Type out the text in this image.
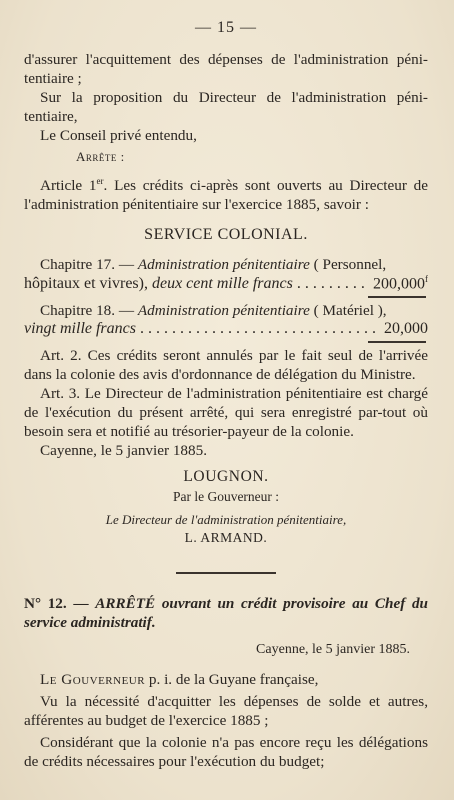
— 15 —

d'assurer l'acquittement des dépenses de l'administration péni-tentiaire ;

Sur la proposition du Directeur de l'administration péni-tentiaire,

Le Conseil privé entendu,

Arrête :

Article 1er. Les crédits ci-après sont ouverts au Directeur de l'administration pénitentiaire sur l'exercice 1885, savoir :

SERVICE COLONIAL.

Chapitre 17. — Administration pénitentiaire ( Personnel,

hôpitaux et vivres), deux cent mille francs . . .	200,000$^f$

Chapitre 18. — Administration pénitentiaire ( Matériel ),

vingt mille francs . . .	20,000

Art. 2. Ces crédits seront annulés par le fait seul de l'arrivée dans la colonie des avis d'ordonnance de délégation du Ministre.

Art. 3. Le Directeur de l'administration pénitentiaire est chargé de l'exécution du présent arrêté, qui sera enregistré par-tout où besoin sera et notifié au trésorier-payeur de la colonie.

Cayenne, le 5 janvier 1885.

LOUGNON.
Par le Gouverneur :
Le Directeur de l'administration pénitentiaire,
L. ARMAND.

N° 12. — ARRÊTÉ ouvrant un crédit provisoire au Chef du service administratif.

Cayenne, le 5 janvier 1885.

Le Gouverneur p. i. de la Guyane française,

Vu la nécessité d'acquitter les dépenses de solde et autres, afférentes au budget de l'exercice 1885 ;

Considérant que la colonie n'a pas encore reçu les délégations de crédits nécessaires pour l'exécution du budget;
